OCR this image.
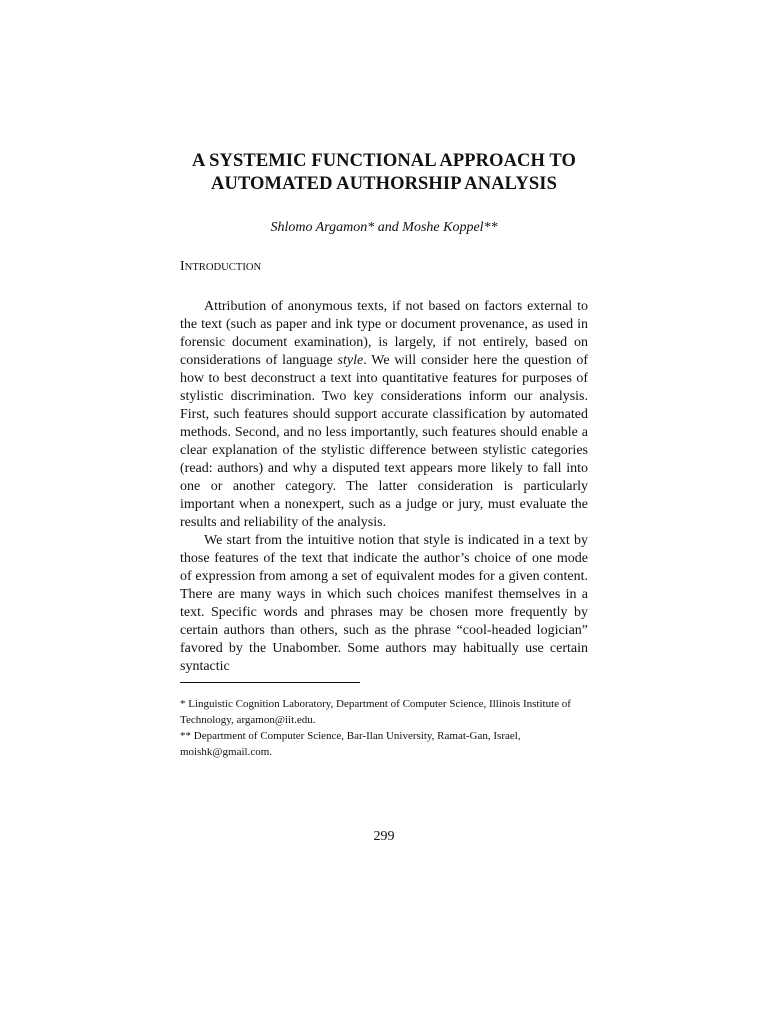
A SYSTEMIC FUNCTIONAL APPROACH TO
AUTOMATED AUTHORSHIP ANALYSIS
Shlomo Argamon* and Moshe Koppel**
INTRODUCTION

Attribution of anonymous texts, if not based on factors external to the text (such as paper and ink type or document provenance, as used in forensic document examination), is largely, if not entirely, based on considerations of language style. We will consider here the question of how to best deconstruct a text into quantitative features for purposes of stylistic discrimination. Two key considerations inform our analysis. First, such features should support accurate classification by automated methods. Second, and no less importantly, such features should enable a clear explanation of the stylistic difference between stylistic categories (read: authors) and why a disputed text appears more likely to fall into one or another category. The latter consideration is particularly important when a nonexpert, such as a judge or jury, must evaluate the results and reliability of the analysis.

We start from the intuitive notion that style is indicated in a text by those features of the text that indicate the author’s choice of one mode of expression from among a set of equivalent modes for a given content. There are many ways in which such choices manifest themselves in a text. Specific words and phrases may be chosen more frequently by certain authors than others, such as the phrase “cool-headed logician” favored by the Unabomber. Some authors may habitually use certain syntactic

* Linguistic Cognition Laboratory, Department of Computer Science, Illinois Institute of Technology, argamon@iit.edu.

** Department of Computer Science, Bar-Ilan University, Ramat-Gan, Israel, moishk@gmail.com.

299
